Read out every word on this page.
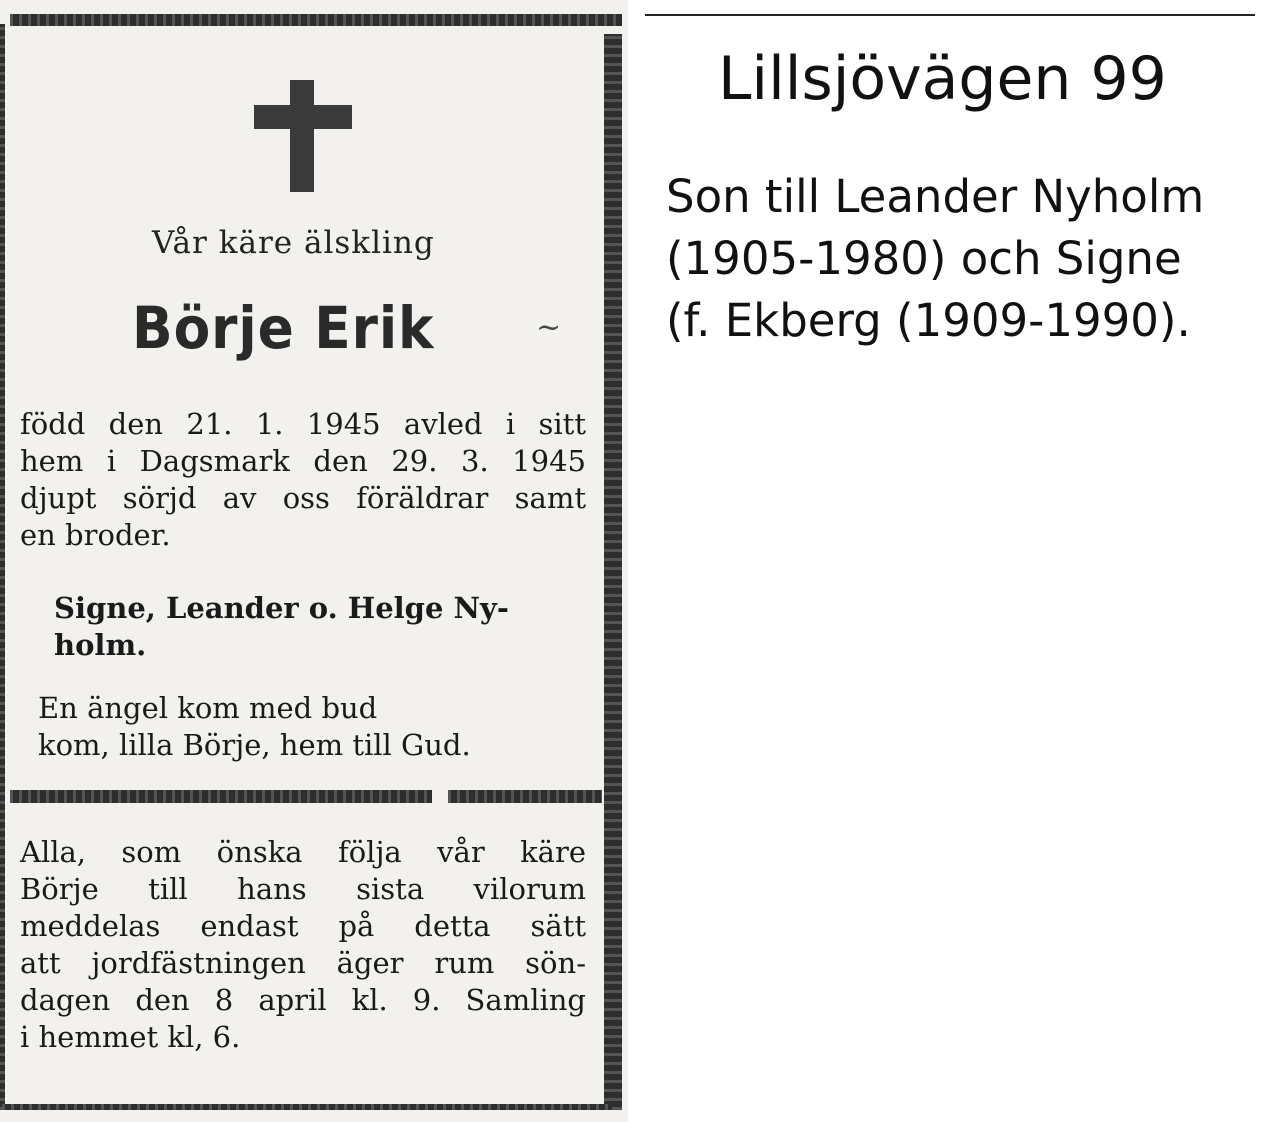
Vår käre älskling
Börje Erik	~
född den 21. 1. 1945 avled i sitt
hem i Dagsmark den 29. 3. 1945
djupt sörjd av oss föräldrar samt
en broder.
Signe, Leander o. Helge Ny-
holm.
En ängel kom med bud
kom, lilla Börje, hem till Gud.
Alla, som önska följa vår käre
Börje till hans sista vilorum
meddelas endast på detta sätt
att jordfästningen äger rum sön-
dagen den 8 april kl. 9. Samling
i hemmet kl, 6.
Lillsjövägen 99
Son till Leander Nyholm
(1905-1980) och Signe
(f. Ekberg (1909-1990).
